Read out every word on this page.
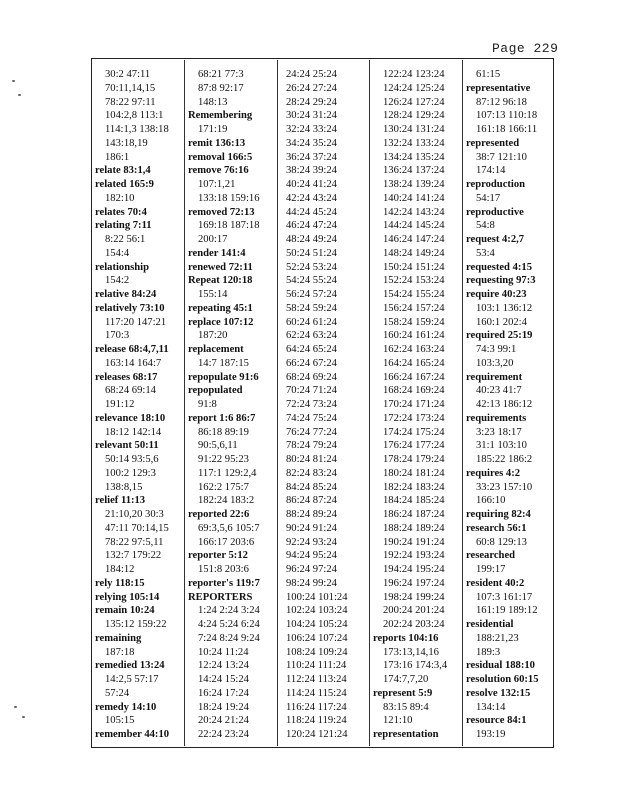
Page 229
30:2 47:11
70:11,14,15
78:22 97:11
104:2,8 113:1
114:1,3 138:18
143:18,19
186:1
relate 83:1,4
related 165:9
182:10
relates 70:4
relating 7:11
8:22 56:1
154:4
relationship
154:2
relative 84:24
relatively 73:10
117:20 147:21
170:3
release 68:4,7,11
163:14 164:7
releases 68:17
68:24 69:14
191:12
relevance 18:10
18:12 142:14
relevant 50:11
50:14 93:5,6
100:2 129:3
138:8,15
relief 11:13
21:10,20 30:3
47:11 70:14,15
78:22 97:5,11
132:7 179:22
184:12
rely 118:15
relying 105:14
remain 10:24
135:12 159:22
remaining
187:18
remedied 13:24
14:2,5 57:17
57:24
remedy 14:10
105:15
remember 44:10
68:21 77:3
87:8 92:17
148:13
Remembering
171:19
remit 136:13
removal 166:5
remove 76:16
107:1,21
133:18 159:16
removed 72:13
169:18 187:18
200:17
render 141:4
renewed 72:11
Repeat 120:18
155:14
repeating 45:1
replace 107:12
187:20
replacement
14:7 187:15
repopulate 91:6
repopulated
91:8
report 1:6 86:7
86:18 89:19
90:5,6,11
91:22 95:23
117:1 129:2,4
162:2 175:7
182:24 183:2
reported 22:6
69:3,5,6 105:7
166:17 203:6
reporter 5:12
151:8 203:6
reporter's 119:7
REPORTERS
1:24 2:24 3:24
4:24 5:24 6:24
7:24 8:24 9:24
10:24 11:24
12:24 13:24
14:24 15:24
16:24 17:24
18:24 19:24
20:24 21:24
22:24 23:24
24:24 25:24
26:24 27:24
28:24 29:24
30:24 31:24
32:24 33:24
34:24 35:24
36:24 37:24
38:24 39:24
40:24 41:24
42:24 43:24
44:24 45:24
46:24 47:24
48:24 49:24
50:24 51:24
52:24 53:24
54:24 55:24
56:24 57:24
58:24 59:24
60:24 61:24
62:24 63:24
64:24 65:24
66:24 67:24
68:24 69:24
70:24 71:24
72:24 73:24
74:24 75:24
76:24 77:24
78:24 79:24
80:24 81:24
82:24 83:24
84:24 85:24
86:24 87:24
88:24 89:24
90:24 91:24
92:24 93:24
94:24 95:24
96:24 97:24
98:24 99:24
100:24 101:24
102:24 103:24
104:24 105:24
106:24 107:24
108:24 109:24
110:24 111:24
112:24 113:24
114:24 115:24
116:24 117:24
118:24 119:24
120:24 121:24
122:24 123:24
124:24 125:24
126:24 127:24
128:24 129:24
130:24 131:24
132:24 133:24
134:24 135:24
136:24 137:24
138:24 139:24
140:24 141:24
142:24 143:24
144:24 145:24
146:24 147:24
148:24 149:24
150:24 151:24
152:24 153:24
154:24 155:24
156:24 157:24
158:24 159:24
160:24 161:24
162:24 163:24
164:24 165:24
166:24 167:24
168:24 169:24
170:24 171:24
172:24 173:24
174:24 175:24
176:24 177:24
178:24 179:24
180:24 181:24
182:24 183:24
184:24 185:24
186:24 187:24
188:24 189:24
190:24 191:24
192:24 193:24
194:24 195:24
196:24 197:24
198:24 199:24
200:24 201:24
202:24 203:24
reports 104:16
173:13,14,16
173:16 174:3,4
174:7,7,20
represent 5:9
83:15 89:4
121:10
representation
61:15
representative
87:12 96:18
107:13 110:18
161:18 166:11
represented
38:7 121:10
174:14
reproduction
54:17
reproductive
54:8
request 4:2,7
53:4
requested 4:15
requesting 97:3
require 40:23
103:1 136:12
160:1 202:4
required 25:19
74:3 99:1
103:3,20
requirement
40:23 41:7
42:13 186:12
requirements
3:23 18:17
31:1 103:10
185:22 186:2
requires 4:2
33:23 157:10
166:10
requiring 82:4
research 56:1
60:8 129:13
researched
199:17
resident 40:2
107:3 161:17
161:19 189:12
residential
188:21,23
189:3
residual 188:10
resolution 60:15
resolve 132:15
134:14
resource 84:1
193:19
